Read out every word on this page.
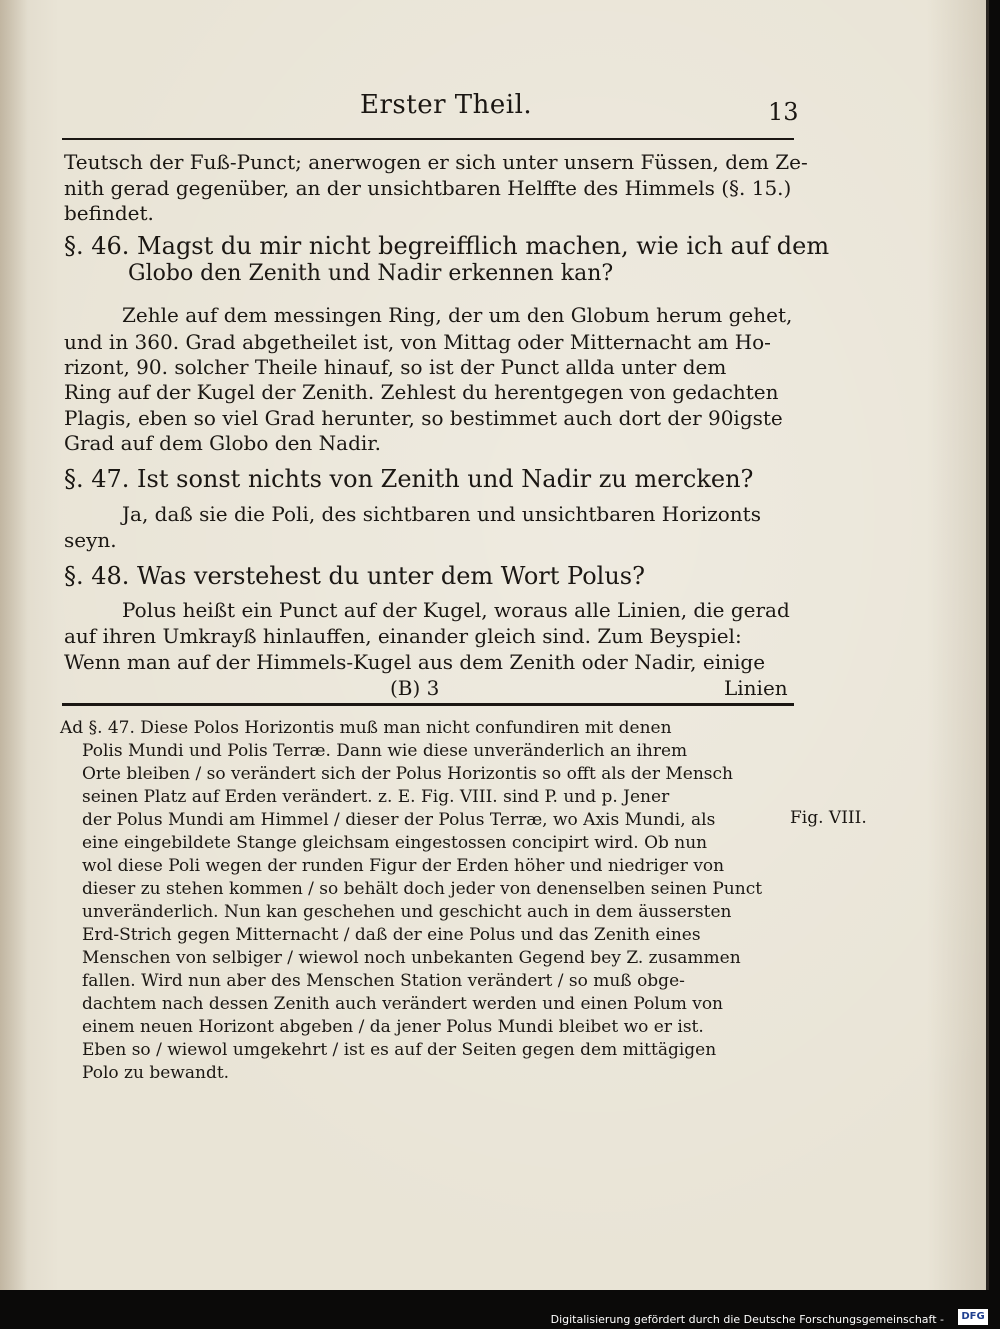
Erster Theil.	13
Teutsch der Fuß-Punct; anerwogen er sich unter unsern Füssen, dem Ze-
nith gerad gegenüber, an der unsichtbaren Helffte des Himmels (§. 15.)
befindet.
§. 46. Magst du mir nicht begreifflich machen, wie ich auf dem
Globo den Zenith und Nadir erkennen kan?
Zehle auf dem messingen Ring, der um den Globum herum gehet,
und in 360. Grad abgetheilet ist, von Mittag oder Mitternacht am Ho-
rizont, 90. solcher Theile hinauf, so ist der Punct allda unter dem
Ring auf der Kugel der Zenith. Zehlest du herentgegen von gedachten
Plagis, eben so viel Grad herunter, so bestimmet auch dort der 90igste
Grad auf dem Globo den Nadir.
§. 47. Ist sonst nichts von Zenith und Nadir zu mercken?
Ja, daß sie die Poli, des sichtbaren und unsichtbaren Horizonts
seyn.
§. 48. Was verstehest du unter dem Wort Polus?
Polus heißt ein Punct auf der Kugel, woraus alle Linien, die gerad
auf ihren Umkrayß hinlauffen, einander gleich sind. Zum Beyspiel:
Wenn man auf der Himmels-Kugel aus dem Zenith oder Nadir, einige
(B) 3	Linien
Ad §. 47. Diese Polos Horizontis muß man nicht confundiren mit denen
Polis Mundi und Polis Terræ. Dann wie diese unveränderlich an ihrem
Orte bleiben / so verändert sich der Polus Horizontis so offt als der Mensch
seinen Platz auf Erden verändert. z. E. Fig. VIII. sind P. und p. Jener
der Polus Mundi am Himmel / dieser der Polus Terræ, wo Axis Mundi, als
eine eingebildete Stange gleichsam eingestossen concipirt wird. Ob nun
wol diese Poli wegen der runden Figur der Erden höher und niedriger von
dieser zu stehen kommen / so behält doch jeder von denenselben seinen Punct
unveränderlich. Nun kan geschehen und geschicht auch in dem äussersten
Erd-Strich gegen Mitternacht / daß der eine Polus und das Zenith eines
Menschen von selbiger / wiewol noch unbekanten Gegend bey Z. zusammen
fallen. Wird nun aber des Menschen Station verändert / so muß obge-
dachtem nach dessen Zenith auch verändert werden und einen Polum von
einem neuen Horizont abgeben / da jener Polus Mundi bleibet wo er ist.
Eben so / wiewol umgekehrt / ist es auf der Seiten gegen dem mittägigen
Polo zu bewandt.
Fig. VIII.
Digitalisierung gefördert durch die Deutsche Forschungsgemeinschaft -	DFG
